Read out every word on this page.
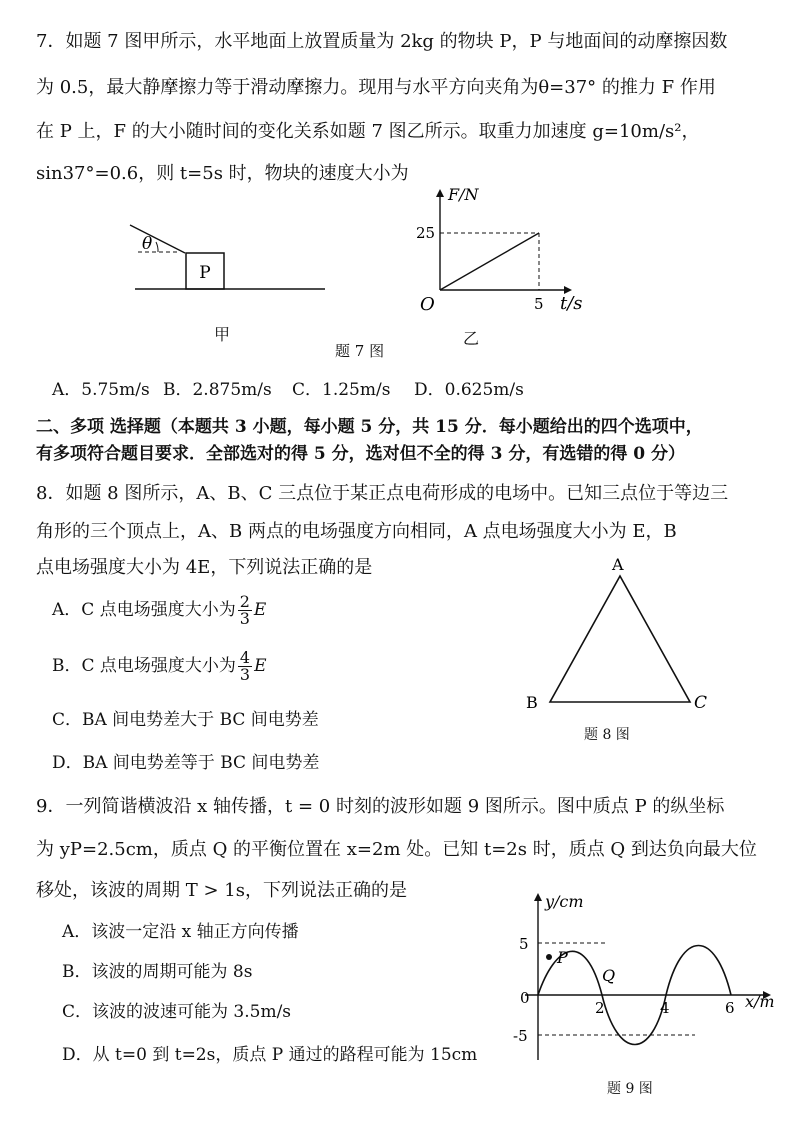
7．如题 7 图甲所示，水平地面上放置质量为 2kg 的物块 P，P 与地面间的动摩擦因数
为 0.5，最大静摩擦力等于滑动摩擦力。现用与水平方向夹角为θ=37° 的推力 F 作用
在 P 上，F 的大小随时间的变化关系如题 7 图乙所示。取重力加速度 g=10m/s²，
sin37°=0.6，则 t=5s 时，物块的速度大小为
θ
P
甲
F/N
25
O	5 t/s
乙
题 7 图
A．5.75m/s B．2.875m/s C．1.25m/s D．0.625m/s
二、多项 选择题（本题共 3 小题，每小题 5 分，共 15 分．每小题给出的四个选项中，
有多项符合题目要求．全部选对的得 5 分，选对但不全的得 3 分，有选错的得 0 分）
8．如题 8 图所示，A、B、C 三点位于某正点电荷形成的电场中。已知三点位于等边三
角形的三个顶点上，A、B 两点的电场强度方向相同，A 点电场强度大小为 E，B
点电场强度大小为 4E，下列说法正确的是
A．C 点电场强度大小为 $\frac{2}{3}$ E
B．C 点电场强度大小为 $\frac{4}{3}$ E
C．BA 间电势差大于 BC 间电势差
D．BA 间电势差等于 BC 间电势差
A
B	C
题 8 图
9．一列简谐横波沿 x 轴传播，t = 0 时刻的波形如题 9 图所示。图中质点 P 的纵坐标
为 yP=2.5cm，质点 Q 的平衡位置在 x=2m 处。已知 t=2s 时，质点 Q 到达负向最大位
移处，该波的周期 T > 1s，下列说法正确的是
A．该波一定沿 x 轴正方向传播
B．该波的周期可能为 8s
C．该波的波速可能为 3.5m/s
D．从 t=0 到 t=2s，质点 P 通过的路程可能为 15cm
y/cm
5
-5
0
2	4	6 x/m
P
Q
题 9 图
